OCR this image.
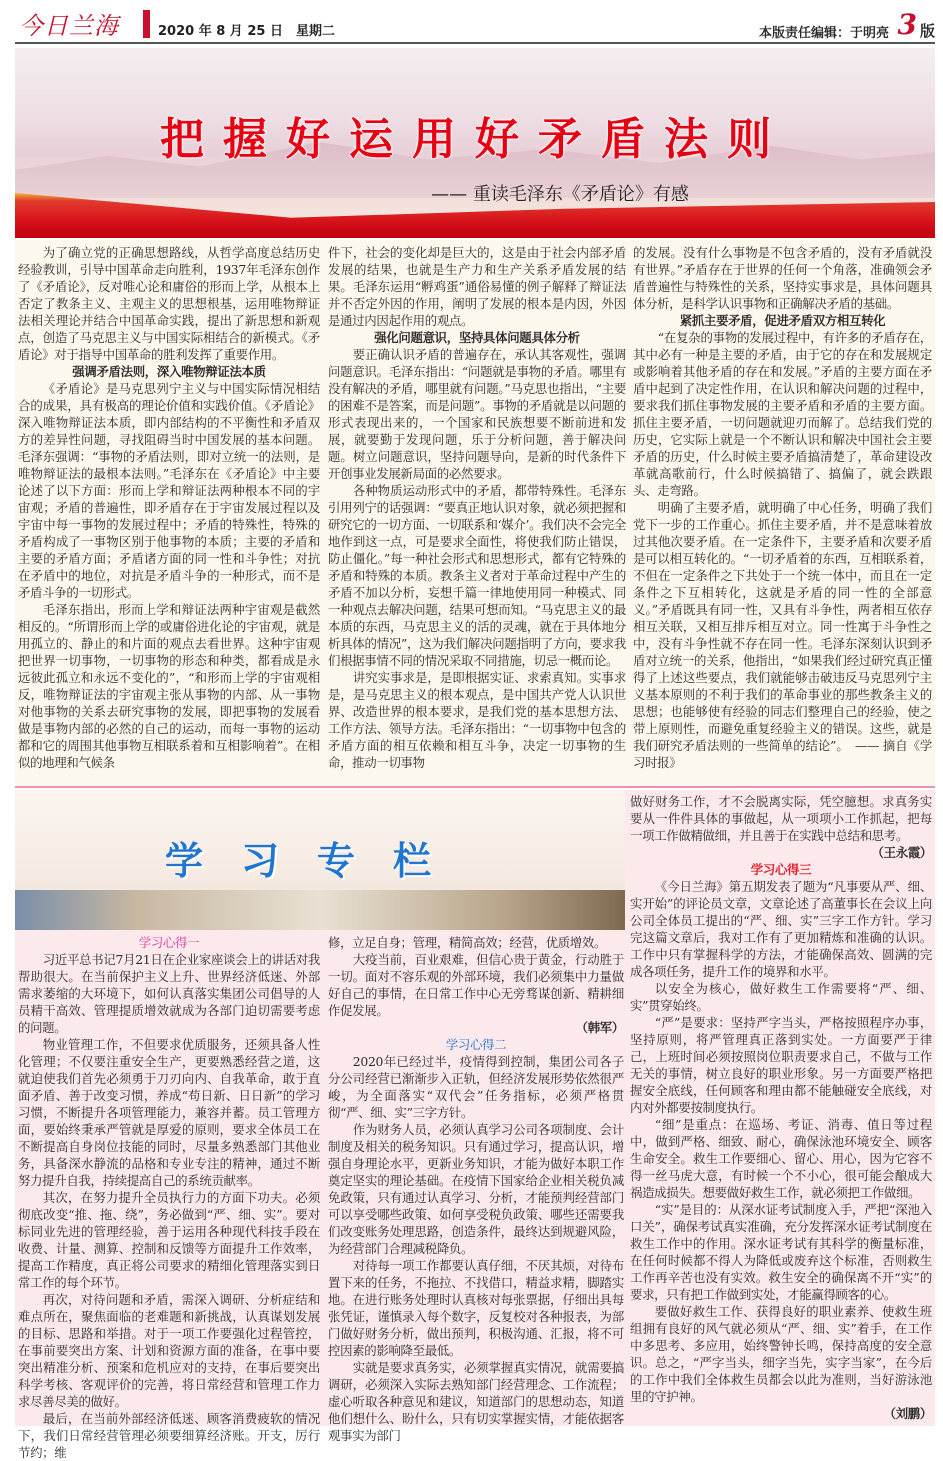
今日兰海	2020 年 8 月 25 日　星期二	本版责任编辑：于明亮 3 版
把握好运用好矛盾法则
—— 重读毛泽东《矛盾论》有感
学习专栏

为了确立党的正确思想路线，从哲学高度总结历史经验教训，引导中国革命走向胜利，1937年毛泽东创作了《矛盾论》，反对唯心论和庸俗的形而上学，从根本上否定了教条主义、主观主义的思想根基，运用唯物辩证法相关理论并结合中国革命实践，提出了新思想和新观点，创造了马克思主义与中国实际相结合的新模式。《矛盾论》对于指导中国革命的胜利发挥了重要作用。

强调矛盾法则，深入唯物辩证法本质

《矛盾论》是马克思列宁主义与中国实际情况相结合的成果，具有极高的理论价值和实践价值。《矛盾论》深入唯物辩证法本质，即内部结构的不平衡性和矛盾双方的差异性问题，寻找阻碍当时中国发展的基本问题。毛泽东强调：“事物的矛盾法则，即对立统一的法则，是唯物辩证法的最根本法则。”毛泽东在《矛盾论》中主要论述了以下方面：形而上学和辩证法两种根本不同的宇宙观；矛盾的普遍性，即矛盾存在于宇宙发展过程以及宇宙中每一事物的发展过程中；矛盾的特殊性，特殊的矛盾构成了一事物区别于他事物的本质；主要的矛盾和主要的矛盾方面；矛盾诸方面的同一性和斗争性；对抗在矛盾中的地位，对抗是矛盾斗争的一种形式，而不是矛盾斗争的一切形式。

毛泽东指出，形而上学和辩证法两种宇宙观是截然相反的。“所谓形而上学的或庸俗进化论的宇宙观，就是用孤立的、静止的和片面的观点去看世界。这种宇宙观把世界一切事物，一切事物的形态和种类，都看成是永远彼此孤立和永远不变化的”，“和形而上学的宇宙观相反，唯物辩证法的宇宙观主张从事物的内部、从一事物对他事物的关系去研究事物的发展，即把事物的发展看做是事物内部的必然的自己的运动，而每一事物的运动都和它的周围其他事物互相联系着和互相影响着”。在相似的地理和气候条

件下，社会的变化却是巨大的，这是由于社会内部矛盾发展的结果，也就是生产力和生产关系矛盾发展的结果。毛泽东运用“孵鸡蛋”通俗易懂的例子解释了辩证法并不否定外因的作用，阐明了发展的根本是内因，外因是通过内因起作用的观点。

强化问题意识，坚持具体问题具体分析

要正确认识矛盾的普遍存在，承认其客观性，强调问题意识。毛泽东指出：“问题就是事物的矛盾。哪里有没有解决的矛盾，哪里就有问题。”马克思也指出，“主要的困难不是答案，而是问题”。事物的矛盾就是以问题的形式表现出来的，一个国家和民族想要不断前进和发展，就要勤于发现问题，乐于分析问题，善于解决问题。树立问题意识，坚持问题导向，是新的时代条件下开创事业发展新局面的必然要求。

各种物质运动形式中的矛盾，都带特殊性。毛泽东引用列宁的话强调：“要真正地认识对象，就必须把握和研究它的一切方面、一切联系和‘媒介’。我们决不会完全地作到这一点，可是要求全面性，将使我们防止错误，防止僵化。”每一种社会形式和思想形式，都有它特殊的矛盾和特殊的本质。教条主义者对于革命过程中产生的矛盾不加以分析，妄想千篇一律地使用同一种模式、同一种观点去解决问题，结果可想而知。“马克思主义的最本质的东西，马克思主义的活的灵魂，就在于具体地分析具体的情况”，这为我们解决问题指明了方向，要求我们根据事情不同的情况采取不同措施，切忌一概而论。

讲究实事求是，是即根据实证、求索真知。实事求是，是马克思主义的根本观点，是中国共产党人认识世界、改造世界的根本要求，是我们党的基本思想方法、工作方法、领导方法。毛泽东指出：“一切事物中包含的矛盾方面的相互依赖和相互斗争，决定一切事物的生命，推动一切事物

的发展。没有什么事物是不包含矛盾的，没有矛盾就没有世界。”矛盾存在于世界的任何一个角落，准确领会矛盾普遍性与特殊性的关系，坚持实事求是，具体问题具体分析，是科学认识事物和正确解决矛盾的基础。

紧抓主要矛盾，促进矛盾双方相互转化

“在复杂的事物的发展过程中，有许多的矛盾存在，其中必有一种是主要的矛盾，由于它的存在和发展规定或影响着其他矛盾的存在和发展。”矛盾的主要方面在矛盾中起到了决定性作用，在认识和解决问题的过程中，要求我们抓住事物发展的主要矛盾和矛盾的主要方面。抓住主要矛盾，一切问题就迎刃而解了。总结我们党的历史，它实际上就是一个不断认识和解决中国社会主要矛盾的历史，什么时候主要矛盾搞清楚了，革命建设改革就高歌前行，什么时候搞错了、搞偏了，就会跌跟头、走弯路。

明确了主要矛盾，就明确了中心任务，明确了我们党下一步的工作重心。抓住主要矛盾，并不是意味着放过其他次要矛盾。在一定条件下，主要矛盾和次要矛盾是可以相互转化的。“一切矛盾着的东西，互相联系着，不但在一定条件之下共处于一个统一体中，而且在一定条件之下互相转化，这就是矛盾的同一性的全部意义。”矛盾既具有同一性，又具有斗争性，两者相互依存相互关联，又相互排斥相互对立。同一性寓于斗争性之中，没有斗争性就不存在同一性。毛泽东深刻认识到矛盾对立统一的关系，他指出，“如果我们经过研究真正懂得了上述这些要点，我们就能够击破违反马克思列宁主义基本原则的不利于我们的革命事业的那些教条主义的思想；也能够使有经验的同志们整理自己的经验，使之带上原则性，而避免重复经验主义的错误。这些，就是我们研究矛盾法则的一些简单的结论”。　—— 摘自《学习时报》

学习心得一

习近平总书记7月21日在企业家座谈会上的讲话对我帮助很大。在当前保护主义上升、世界经济低迷、外部需求萎缩的大环境下，如何认真落实集团公司倡导的人员精干高效、管理提质增效就成为各部门迫切需要考虑的问题。

物业管理工作，不但要求优质服务，还须具备人性化管理；不仅要注重安全生产，更要熟悉经营之道，这就迫使我们首先必须勇于刀刃向内、自我革命，敢于直面矛盾、善于改变习惯，养成“苟日新、日日新”的学习习惯，不断提升各项管理能力，兼容并蓄。员工管理方面，要始终秉承严管就是厚爱的原则，要求全体员工在不断提高自身岗位技能的同时，尽量多熟悉部门其他业务，具备深水静流的品格和专业专注的精神，通过不断努力提升自我，持续提高自己的系统贡献率。

其次，在努力提升全员执行力的方面下功夫。必须彻底改变“推、拖、绕”，务必做到“严、细、实”。要对标同业先进的管理经验，善于运用各种现代科技手段在收费、计量、测算、控制和反馈等方面提升工作效率，提高工作精度，真正将公司要求的精细化管理落实到日常工作的每个环节。

再次，对待问题和矛盾，需深入调研、分析症结和难点所在，聚焦面临的老难题和新挑战，认真谋划发展的目标、思路和举措。对于一项工作要强化过程管控，在事前要突出方案、计划和资源方面的准备，在事中要突出精准分析、预案和危机应对的支持，在事后要突出科学考核、客观评价的完善，将日常经营和管理工作力求尽善尽美的做好。

最后，在当前外部经济低迷、顾客消费疲软的情况下，我们日常经营管理必须要细算经济账。开支，厉行节约；维

修，立足自身；管理，精简高效；经营，优质增效。

大疫当前，百业艰难，但信心贵于黄金，行动胜于一切。面对不容乐观的外部环境，我们必须集中力量做好自己的事情，在日常工作中心无旁骛谋创新、精耕细作促发展。

（韩军）

学习心得二

2020年已经过半，疫情得到控制，集团公司各子分公司经营已渐渐步入正轨，但经济发展形势依然很严峻，为全面落实“双代会”任务指标，必须严格贯彻“严、细、实”三字方针。

作为财务人员，必须认真学习公司各项制度、会计制度及相关的税务知识。只有通过学习，提高认识，增强自身理论水平，更新业务知识，才能为做好本职工作奠定坚实的理论基础。在疫情下国家给企业相关税负减免政策，只有通过认真学习、分析，才能预判经营部门可以享受哪些政策、如何享受税负政策、哪些还需要我们改变账务处理思路，创造条件，最终达到规避风险，为经营部门合理减税降负。

对待每一项工作都要认真仔细，不厌其烦，对待布置下来的任务，不拖拉、不找借口，精益求精，脚踏实地。在进行账务处理时认真核对每张票据，仔细出具每张凭证，谨慎录入每个数字，反复校对各种报表，为部门做好财务分析，做出预判，积极沟通、汇报，将不可控因素的影响降至最低。

实就是要求真务实，必须掌握真实情况，就需要搞调研，必须深入实际去熟知部门经营理念、工作流程；虚心听取各种意见和建议，知道部门的思想动态，知道他们想什么、盼什么，只有切实掌握实情，才能依据客观事实为部门

做好财务工作，才不会脱离实际，凭空臆想。求真务实要从一件件具体的事做起，从一项项小工作抓起，把每一项工作做精做细，并且善于在实践中总结和思考。

（王永霞）

学习心得三

《今日兰海》第五期发表了题为“凡事要从严、细、实开始”的评论员文章，文章论述了高董事长在会议上向公司全体员工提出的“严、细、实”三字工作方针。学习完这篇文章后，我对工作有了更加精炼和准确的认识。工作中只有掌握科学的方法，才能确保高效、圆满的完成各项任务，提升工作的境界和水平。

以安全为核心，做好救生工作需要将“严、细、实”贯穿始终。

“严”是要求：坚持严字当头，严格按照程序办事，坚持原则，将严管理真正落到实处。一方面要严于律己，上班时间必须按照岗位职责要求自己，不做与工作无关的事情，树立良好的职业形象。另一方面要严格把握安全底线，任何顾客和理由都不能触碰安全底线，对内对外都要按制度执行。

“细”是重点：在巡场、考证、消毒、值日等过程中，做到严格、细致、耐心，确保泳池环境安全、顾客生命安全。救生工作要细心、留心、用心，因为它容不得一丝马虎大意，有时候一个不小心，很可能会酿成大祸造成损失。想要做好救生工作，就必须把工作做细。

“实”是目的：从深水证考试制度入手，严把“深池入口关”，确保考试真实准确，充分发挥深水证考试制度在救生工作中的作用。深水证考试有其科学的衡量标准，在任何时候都不得人为降低或废弃这个标准，否则救生工作再辛苦也没有实效。救生安全的确保离不开“实”的要求，只有把工作做到实处，才能赢得顾客的心。

要做好救生工作、获得良好的职业素养、使救生班组拥有良好的风气就必须从“严、细、实”着手，在工作中多思考、多应用，始终警钟长鸣，保持高度的安全意识。总之，“严字当头，细字当先，实字当家”，在今后的工作中我们全体救生员都会以此为准则，当好游泳池里的守护神。

（刘鹏）
